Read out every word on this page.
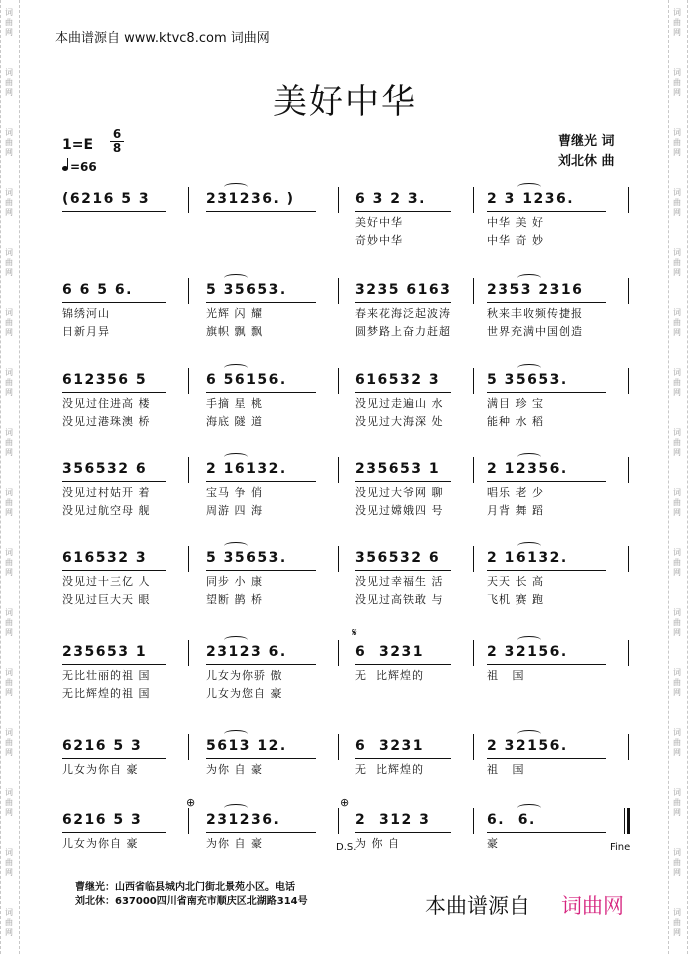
词
曲
网
词
曲
网
词
曲
网
词
曲
网
词
曲
网
词
曲
网
词
曲
网
词
曲
网
词
曲
网
词
曲
网
词
曲
网
词
曲
网
词
曲
网
词
曲
网
词
曲
网
词
曲
网
词
曲
网
词
曲
网
词
曲
网
词
曲
网
词
曲
网
词
曲
网
词
曲
网
词
曲
网
词
曲
网
词
曲
网
词
曲
网
词
曲
网
词
曲
网
词
曲
网
词
曲
网
词
曲
网
本曲谱源自 www.ktvc8.com 词曲网
美好中华
1=E
6
8
=66
曹继光 词
刘北休 曲
(6216 5 3	231236. )	6 3 2 3.	2 3 1236.
美好中华	中华 美 好
奇妙中华	中华 奇 妙
6 6 5 6.	5 35653.	3235 6163	2353 2316
锦绣河山	光辉 闪 耀	春来花海泛起波涛	秋来丰收频传捷报
日新月异	旗帜 飘 飘	圆梦路上奋力赶超	世界充满中国创造
612356 5	6 56156.	616532 3	5 35653.
没见过住进高 楼	手摘 星 桃	没见过走遍山 水	满目 珍 宝
没见过港珠澳 桥	海底 隧 道	没见过大海深 处	能种 水 稻
356532 6	2 16132.	235653 1	2 12356.
没见过村姑开 着	宝马 争 俏	没见过大爷网 聊	唱乐 老 少
没见过航空母 舰	周游 四 海	没见过嫦娥四 号	月背 舞 蹈
616532 3	5 35653.	356532 6	2 16132.
没见过十三亿 人	同步 小 康	没见过幸福生 活	天天 长 高
没见过巨大天 眼	望断 鹊 桥	没见过高铁敢 与	飞机 赛 跑
235653 1	23123 6.	6  3231	2 32156.
无比壮丽的祖 国	儿女为你骄 傲	无  比辉煌的	祖   国
无比辉煌的祖 国	儿女为您自 豪
6216 5 3	5613 12.	6  3231	2 32156.
儿女为你自 豪	为你 自 豪	无  比辉煌的	祖   国
6216 5 3	231236.	2  312 3	6.  6.
儿女为你自 豪	为你 自 豪	为 你 自	豪
𝄋
⊕	⊕
D.S.	Fine
曹继光：山西省临县城内北门街北景苑小区。电话
刘北休：637000四川省南充市顺庆区北湖路314号	本曲谱源自 词曲网
